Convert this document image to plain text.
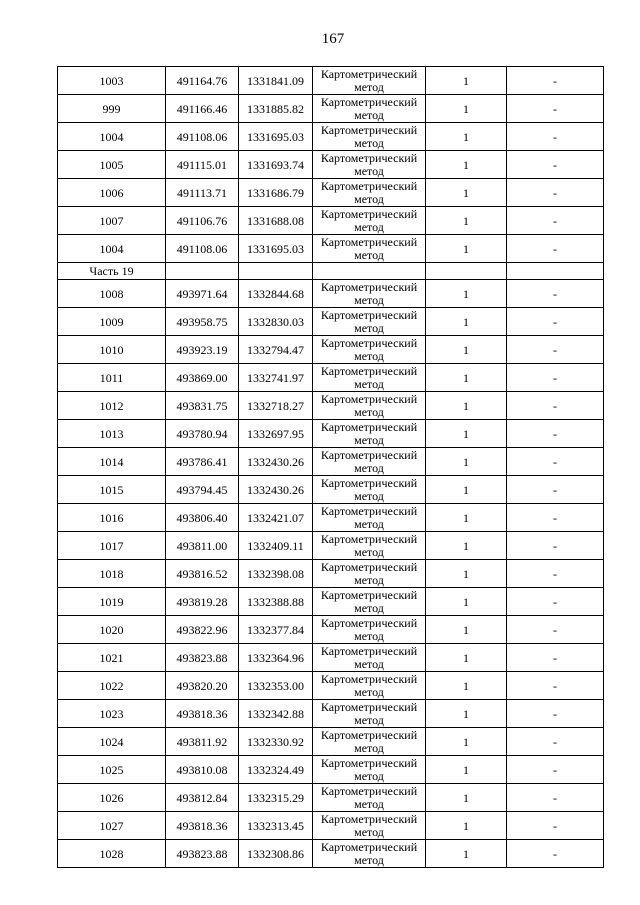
167
1003	491164.76	1331841.09	Картометрический метод	1	-
999	491166.46	1331885.82	Картометрический метод	1	-
1004	491108.06	1331695.03	Картометрический метод	1	-
1005	491115.01	1331693.74	Картометрический метод	1	-
1006	491113.71	1331686.79	Картометрический метод	1	-
1007	491106.76	1331688.08	Картометрический метод	1	-
1004	491108.06	1331695.03	Картометрический метод	1	-
Часть 19					
1008	493971.64	1332844.68	Картометрический метод	1	-
1009	493958.75	1332830.03	Картометрический метод	1	-
1010	493923.19	1332794.47	Картометрический метод	1	-
1011	493869.00	1332741.97	Картометрический метод	1	-
1012	493831.75	1332718.27	Картометрический метод	1	-
1013	493780.94	1332697.95	Картометрический метод	1	-
1014	493786.41	1332430.26	Картометрический метод	1	-
1015	493794.45	1332430.26	Картометрический метод	1	-
1016	493806.40	1332421.07	Картометрический метод	1	-
1017	493811.00	1332409.11	Картометрический метод	1	-
1018	493816.52	1332398.08	Картометрический метод	1	-
1019	493819.28	1332388.88	Картометрический метод	1	-
1020	493822.96	1332377.84	Картометрический метод	1	-
1021	493823.88	1332364.96	Картометрический метод	1	-
1022	493820.20	1332353.00	Картометрический метод	1	-
1023	493818.36	1332342.88	Картометрический метод	1	-
1024	493811.92	1332330.92	Картометрический метод	1	-
1025	493810.08	1332324.49	Картометрический метод	1	-
1026	493812.84	1332315.29	Картометрический метод	1	-
1027	493818.36	1332313.45	Картометрический метод	1	-
1028	493823.88	1332308.86	Картометрический метод	1	-
